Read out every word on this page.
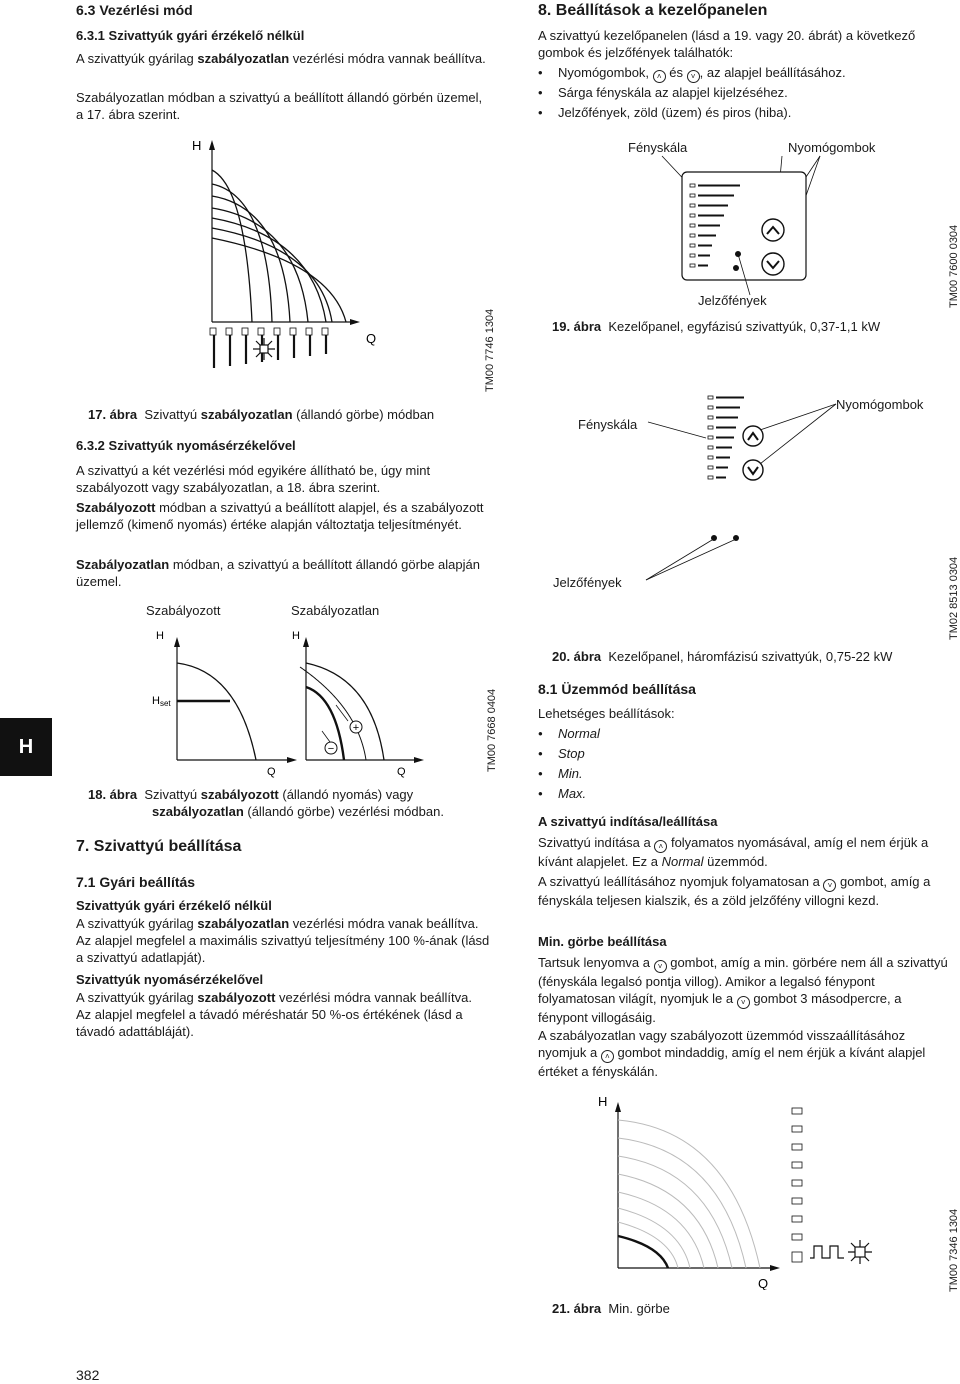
6.3 Vezérlési mód
6.3.1 Szivattyúk gyári érzékelő nélkül

A szivattyúk gyárilag szabályozatlan vezérlési módra vannak beállítva.

Szabályozatlan módban a szivattyú a beállított állandó görbén üzemel, a 17. ábra szerint.

H
Q	TM00 7746 1304
17. ábra Szivattyú szabályozatlan (állandó görbe) módban
6.3.2 Szivattyúk nyomásérzékelővel

A szivattyú a két vezérlési mód egyikére állítható be, úgy mint szabályozott vagy szabályozatlan, a 18. ábra szerint.

Szabályozott módban a szivattyú a beállított alapjel, és a szabályozott jellemző (kimenő nyomás) értéke alapján változtatja teljesítményét.

Szabályozatlan módban, a szivattyú a beállított állandó görbe alapján üzemel.

Szabályozott	Szabályozatlan
H
Hset
Q
+
−
H
Q	TM00 7668 0404
18. ábra Szivattyú szabályozott (állandó nyomás) vagy
szabályozatlan (állandó görbe) vezérlési módban.
H
7. Szivattyú beállítása
7.1 Gyári beállítás
Szivattyúk gyári érzékelő nélkül

A szivattyúk gyárilag szabályozatlan vezérlési módra vanak beállítva. Az alapjel megfelel a maximális szivattyú teljesítmény 100 %-ának (lásd a szivattyú adatlapját).

Szivattyúk nyomásérzékelővel

A szivattyúk gyárilag szabályozott vezérlési módra vannak beállítva. Az alapjel megfelel a távadó méréshatár 50 %-os értékének (lásd a távadó adattábláját).

382
8. Beállítások a kezelőpanelen

A szivattyú kezelőpanelen (lásd a 19. vagy 20. ábrát) a következő gombok és jelzőfények találhatók:

• Nyomógombok, ˄ és ˅ , az alapjel beállításához.
• Sárga fényskála az alapjel kijelzéséhez.
• Jelzőfények, zöld (üzem) és piros (hiba).
Fényskála	Nyomógombok
Jelzőfények	TM00 7600 0304
19. ábra Kezelőpanel, egyfázisú szivattyúk, 0,37-1,1 kW
Fényskála
Nyomógombok
Jelzőfények	TM02 8513 0304
20. ábra Kezelőpanel, háromfázisú szivattyúk, 0,75-22 kW
8.1 Üzemmód beállítása

Lehetséges beállítások:

• Normal
• Stop
• Min.
• Max.
A szivattyú indítása/leállítása

Szivattyú indítása a ˄ folyamatos nyomásával, amíg el nem érjük a kívánt alapjelet. Ez a Normal üzemmód.

A szivattyú leállításához nyomjuk folyamatosan a ˅ gombot, amíg a fényskála teljesen kialszik, és a zöld jelzőfény villogni kezd.

Min. görbe beállítása

Tartsuk lenyomva a ˅ gombot, amíg a min. görbére nem áll a szivattyú (fényskála legalsó pontja villog). Amikor a legalsó fénypont folyamatosan világít, nyomjuk le a ˅ gombot 3 másodpercre, a fénypont villogásáig.

A szabályozatlan vagy szabályozott üzemmód visszaállításához nyomjuk a ˄ gombot mindaddig, amíg el nem érjük a kívánt alapjel értéket a fényskálán.

H
Q	TM00 7346 1304
21. ábra Min. görbe
